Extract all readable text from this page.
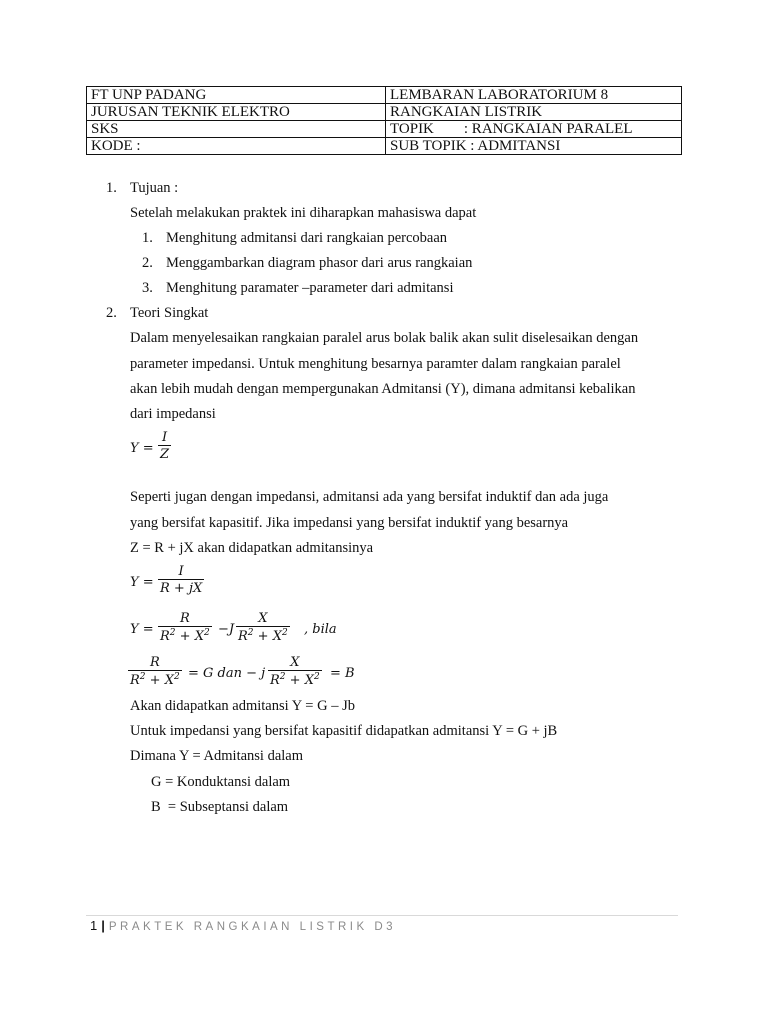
FT UNP PADANG	LEMBARAN LABORATORIUM 8
JURUSAN TEKNIK ELEKTRO	RANGKAIAN LISTRIK
SKS	TOPIK        : RANGKAIAN PARALEL
KODE :	SUB TOPIK : ADMITANSI
1. Tujuan :
Setelah melakukan praktek ini diharapkan mahasiswa dapat
1. Menghitung admitansi dari rangkaian percobaan
2. Menggambarkan diagram phasor dari arus rangkaian
3. Menghitung paramater –parameter dari admitansi
2. Teori Singkat
Dalam menyelesaikan rangkaian paralel arus bolak balik akan sulit diselesaikan dengan
parameter impedansi. Untuk menghitung besarnya paramter dalam rangkaian paralel
akan lebih mudah dengan mempergunakan Admitansi (Y), dimana admitansi kebalikan
dari impedansi
$Y = \frac{I}{Z}$
Seperti jugan dengan impedansi, admitansi ada yang bersifat induktif dan ada juga
yang bersifat kapasitif. Jika impedansi yang bersifat induktif yang besarnya
Z = R + jX akan didapatkan admitansinya
$Y = \frac{I}{R + jX}$
$Y = \frac{R}{R^2 + X^2} -J \frac{X}{R^2 + X^2}$ , bila
$\frac{R}{R^2 + X^2} = G$ dan − j $\frac{X}{R^2 + X^2} = B$
Akan didapatkan admitansi Y = G – Jb
Untuk impedansi yang bersifat kapasitif didapatkan admitansi Y = G + jB
Dimana Y = Admitansi dalam
G = Konduktansi dalam
B  = Subseptansi dalam
1 | PRAKTEK RANGKAIAN LISTRIK D3
